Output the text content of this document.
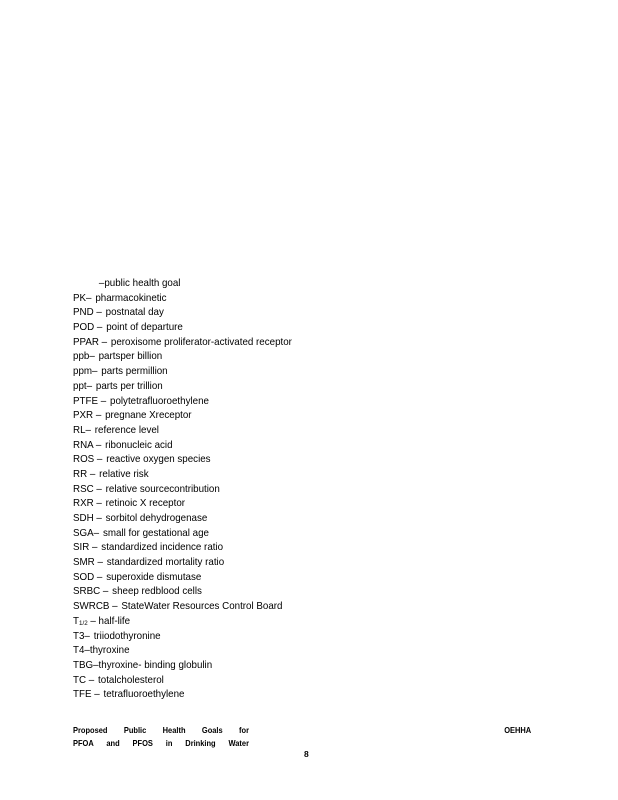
–public health goal
PK– pharmacokinetic
PND – postnatal day
POD – point of departure
PPAR – peroxisome proliferator-activated receptor
ppb– partsper billion
ppm– parts permillion
ppt– parts per trillion
PTFE – polytetrafluoroethylene
PXR – pregnane Xreceptor
RL– reference level
RNA – ribonucleic acid
ROS – reactive oxygen species
RR – relative risk
RSC – relative sourcecontribution
RXR – retinoic X receptor
SDH – sorbitol dehydrogenase
SGA– small for gestational age
SIR – standardized incidence ratio
SMR – standardized mortality ratio
SOD – superoxide dismutase
SRBC – sheep redblood cells
SWRCB – StateWater Resources Control Board
T1/2 – half-life
T3– triiodothyronine
T4–thyroxine
TBG–thyroxine- binding globulin
TC – totalcholesterol
TFE – tetrafluoroethylene
Proposed Public Health Goals for
PFOA and PFOS in Drinking Water
OEHHA
8
